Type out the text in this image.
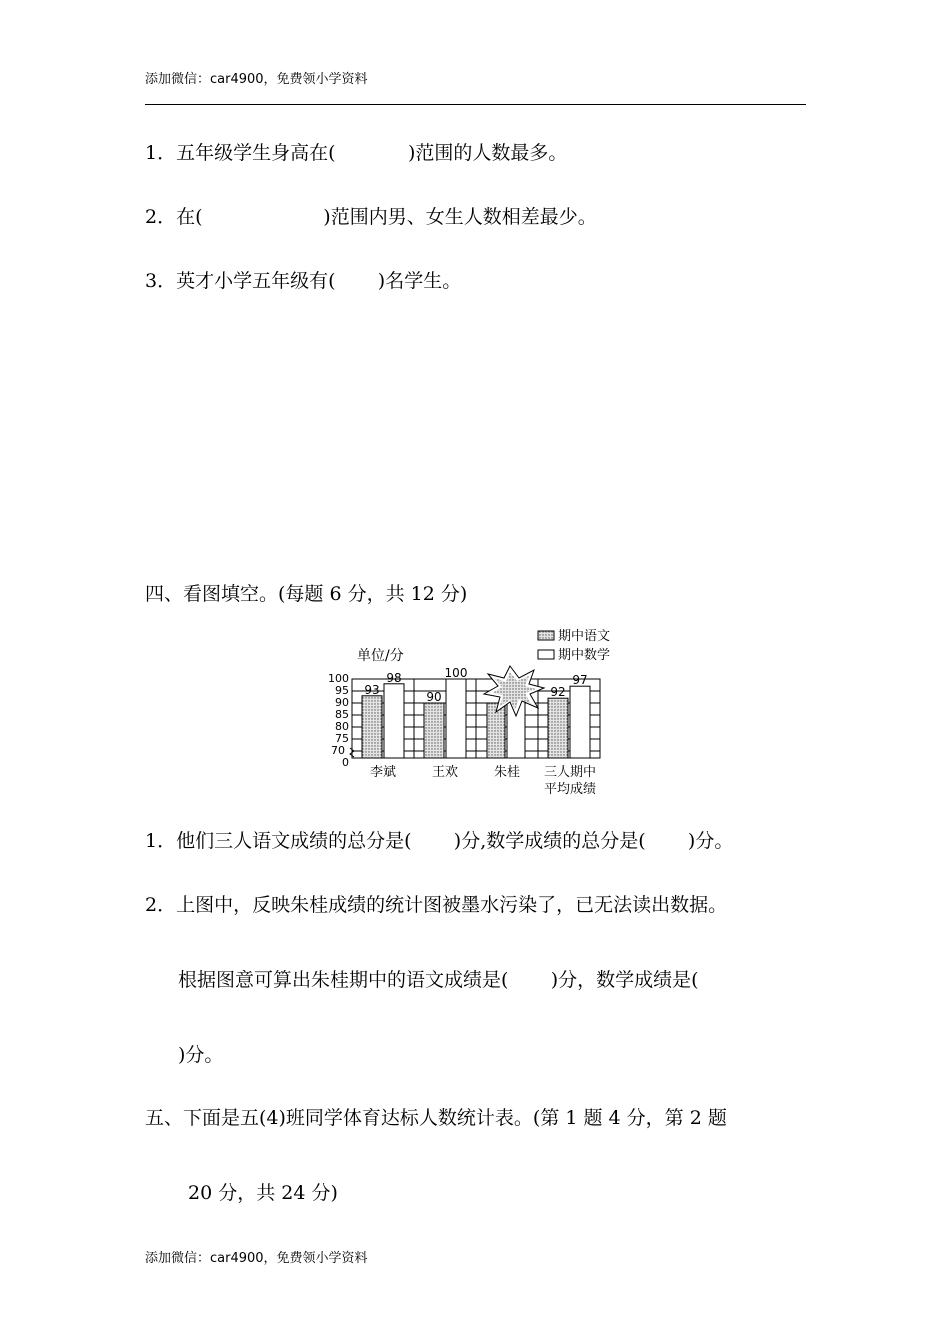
添加微信：car4900，免费领小学资料
1．五年级学生身高在(            )范围的人数最多。
2．在(                    )范围内男、女生人数相差最少。
3．英才小学五年级有(       )名学生。
四、看图填空。(每题 6 分，共 12 分)
期中语文
期中数学
单位/分
100
95
90
85
80
75
70
0
93
98
90
100
92
97
李斌	王欢	朱桂 三人期中
平均成绩
1．他们三人语文成绩的总分是(       )分,数学成绩的总分是(       )分。
2．上图中，反映朱桂成绩的统计图被墨水污染了，已无法读出数据。
根据图意可算出朱桂期中的语文成绩是(       )分，数学成绩是(
)分。
五、下面是五(4)班同学体育达标人数统计表。(第 1 题 4 分，第 2 题
20 分，共 24 分)
添加微信：car4900，免费领小学资料
